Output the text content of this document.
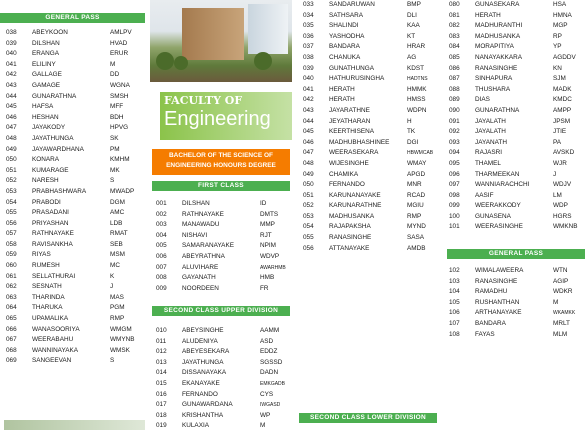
GENERAL PASS
038	ABEYKOON	AMLPV
039	DILSHAN	HVAD
040	ERANGA	ERUR
041	ELILINY	M
042	GALLAGE	DD
043	GAMAGE	WGNA
044	GUNARATHNA	SMSH
045	HAFSA	MFF
046	HESHAN	BDH
047	JAYAKODY	HPVG
048	JAYATHUNGA	SK
049	JAYAWARDHANA	PM
050	KONARA	KMHM
051	KUMARAGE	MK
052	NARESH	S
053	PRABHASHWARA	MWADP
054	PRABODI	DGM
055	PRASADANI	AMC
056	PRIYASHAN	LDB
057	RATHNAYAKE	RMAT
058	RAVISANKHA	SEB
059	RIYAS	MSM
060	RUMESH	MC
061	SELLATHURAI	K
062	SESNATH	J
063	THARINDA	MAS
064	THARUKA	PGM
065	UPAMALIKA	RMP
066	WANASOORIYA	WMGM
067	WEERABAHU	WMYNB
068	WANNINAYAKA	WMSK
069	SANGEEVAN	S
FACULTY OF
Engineering
BACHELOR OF THE SCIENCE OF ENGINEERING HONOURS DEGREE
FIRST CLASS
001	DILSHAN	ID
002	RATHNAYAKE	DMTS
003	MANAWADU	MMP
004	NISHAVI	RJT
005	SAMARANAYAKE	NPIM
006	ABEYRATHNA	WDVP
007	ALUVIHARE	AWARHMB
008	GAYANATH	HMB
009	NOORDEEN	FR
SECOND CLASS UPPER DIVISION
010	ABEYSINGHE	AAMM
011	ALUDENIYA	ASD
012	ABEYESEKARA	EDDZ
013	JAYATHUNGA	SGSSD
014	DISSANAYAKA	DADN
015	EKANAYAKE	EMKGADB
016	FERNANDO	CYS
017	GUNAWARDANA	IWGASD
018	KRISHANTHA	WP
019	KULAXIA	M
033	SANDARUWAN	BMP
034	SATHSARA	DLI
035	SHALINDI	KAA
036	YASHODHA	KT
037	BANDARA	HRAR
038	CHANUKA	AG
039	GUNATHUNGA	KDST
040	HATHURUSINGHA	HADTNS
041	HERATH	HMMK
042	HERATH	HMSS
043	JAYARATHNE	WDPN
044	JEYATHARAN	H
045	KEERTHISENA	TK
046	MADHUBHASHINEE	DGI
047	WEERASEKARA	HBWMCAB
048	WIJESINGHE	WMAY
049	CHAMIKA	APGD
050	FERNANDO	MNR
051	KARUNANAYAKE	RCAD
052	KARUNARATHNE	MGIU
053	MADHUSANKA	RMP
054	RAJAPAKSHA	MYND
055	RANASINGHE	SASA
056	ATTANAYAKE	AMDB
SECOND CLASS LOWER DIVISION
080	GUNASEKARA	HSA
081	HERATH	HMNA
082	MADHURANTHI	MGP
083	MADHUSANKA	RP
084	MORAPITIYA	YP
085	NANAYAKKARA	AGDDV
086	RANASINGHE	KN
087	SINHAPURA	SJM
088	THUSHARA	MADK
089	DIAS	KMDC
090	GUNARATHNA	AMPP
091	JAYALATH	JPSM
092	JAYALATH	JTIE
093	JAYANATH	PA
094	RAJASRI	AVSKD
095	THAMEL	WJR
096	THARMEEKAN	J
097	WANNIARACHCHI	WDJV
098	AASIF	LM
099	WEERAKKODY	WDP
100	GUNASENA	HGRS
101	WEERASINGHE	WMKNB
GENERAL PASS
102	WIMALAWEERA	WTN
103	RANASINGHE	AGIP
104	RAMADHU	WDKR
105	RUSHANTHAN	M
106	ARTHANAYAKE	WKAMKK
107	BANDARA	MRLT
108	FAYAS	MLM
